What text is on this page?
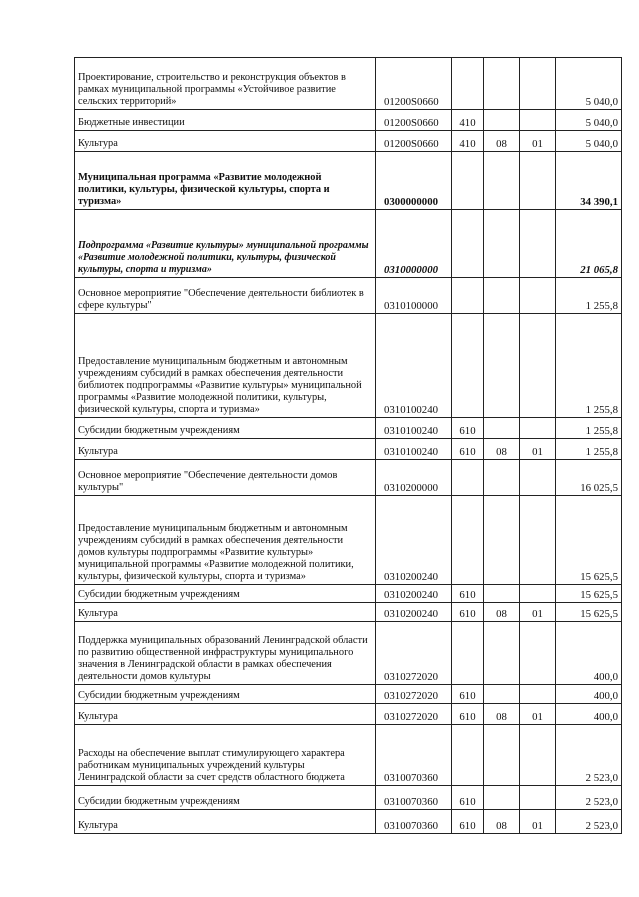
Проектирование, строительство и реконструкция объектов в рамках муниципальной программы «Устойчивое развитие сельских территорий»	01200S0660				5 040,0
Бюджетные инвестиции	01200S0660	410			5 040,0
Культура	01200S0660	410	08	01	5 040,0
Муниципальная программа «Развитие молодежной политики, культуры, физической культуры, спорта и туризма»	0300000000				34 390,1
Подпрограмма «Развитие культуры» муниципальной программы «Развитие молодежной политики, культуры, физической культуры, спорта и туризма»	0310000000				21 065,8
Основное мероприятие "Обеспечение деятельности библиотек в сфере культуры"	0310100000				1 255,8
Предоставление муниципальным бюджетным и автономным учреждениям субсидий в рамках обеспечения деятельности библиотек подпрограммы «Развитие культуры» муниципальной программы «Развитие молодежной политики, культуры, физической культуры, спорта и туризма»	0310100240				1 255,8
Субсидии бюджетным учреждениям	0310100240	610			1 255,8
Культура	0310100240	610	08	01	1 255,8
Основное мероприятие "Обеспечение деятельности домов культуры"	0310200000				16 025,5
Предоставление муниципальным бюджетным и автономным учреждениям субсидий в рамках обеспечения деятельности домов культуры подпрограммы «Развитие культуры» муниципальной программы «Развитие молодежной политики, культуры, физической культуры, спорта и туризма»	0310200240				15 625,5
Субсидии бюджетным учреждениям	0310200240	610			15 625,5
Культура	0310200240	610	08	01	15 625,5
Поддержка муниципальных образований Ленинградской области по развитию общественной инфраструктуры муниципального значения в Ленинградской области в рамках обеспечения деятельности домов культуры	0310272020				400,0
Субсидии бюджетным учреждениям	0310272020	610			400,0
Культура	0310272020	610	08	01	400,0
Расходы на обеспечение выплат стимулирующего характера работникам муниципальных учреждений культуры Ленинградской области за счет средств областного бюджета	0310070360				2 523,0
Субсидии бюджетным учреждениям	0310070360	610			2 523,0
Культура	0310070360	610	08	01	2 523,0
